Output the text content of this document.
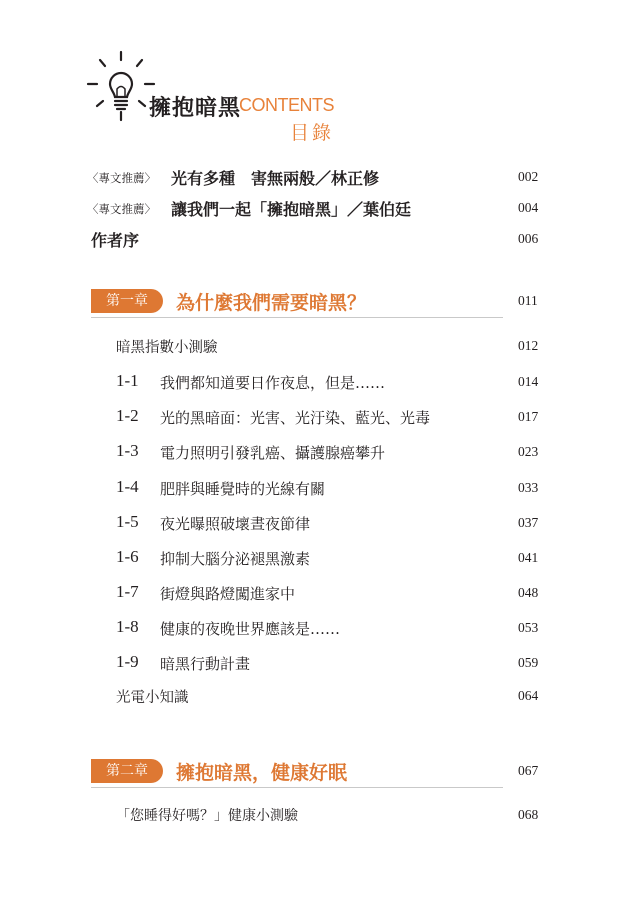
擁抱暗黑
CONTENTS
目錄
〈專文推薦〉 光有多種　害無兩般／林正修	002
〈專文推薦〉 讓我們一起「擁抱暗黑」／葉伯廷	004
作者序	006
第一章	為什麼我們需要暗黑？	011
暗黑指數小測驗	012
1-1 我們都知道要日作夜息，但是……	014
1-2 光的黑暗面：光害、光汙染、藍光、光毒	017
1-3 電力照明引發乳癌、攝護腺癌攀升	023
1-4 肥胖與睡覺時的光線有關	033
1-5 夜光曝照破壞晝夜節律	037
1-6 抑制大腦分泌褪黑激素	041
1-7 街燈與路燈闖進家中	048
1-8 健康的夜晚世界應該是……	053
1-9 暗黑行動計畫	059
光電小知識	064
第二章	擁抱暗黑，健康好眠	067
「您睡得好嗎？」健康小測驗	068
